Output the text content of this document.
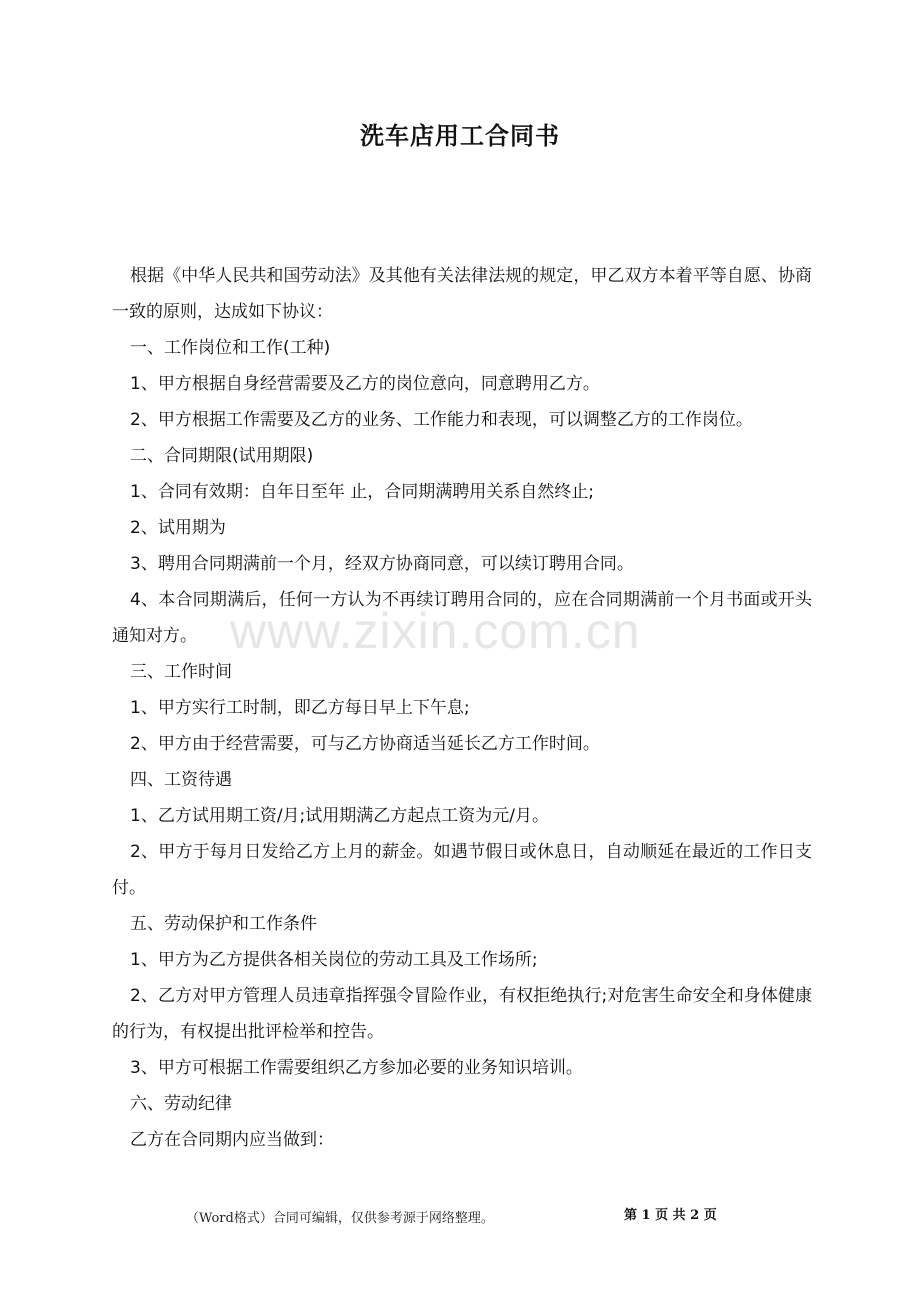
洗车店用工合同书

根据《中华人民共和国劳动法》及其他有关法律法规的规定，甲乙双方本着平等自愿、协商一致的原则，达成如下协议：

一、工作岗位和工作(工种)

1、甲方根据自身经营需要及乙方的岗位意向，同意聘用乙方。

2、甲方根据工作需要及乙方的业务、工作能力和表现，可以调整乙方的工作岗位。

二、合同期限(试用期限)

1、合同有效期：自年日至年 止，合同期满聘用关系自然终止;

2、试用期为

3、聘用合同期满前一个月，经双方协商同意，可以续订聘用合同。

4、本合同期满后，任何一方认为不再续订聘用合同的，应在合同期满前一个月书面或开头通知对方。

三、工作时间

1、甲方实行工时制，即乙方每日早上下午息;

2、甲方由于经营需要，可与乙方协商适当延长乙方工作时间。

四、工资待遇

1、乙方试用期工资/月;试用期满乙方起点工资为元/月。

2、甲方于每月日发给乙方上月的薪金。如遇节假日或休息日，自动顺延在最近的工作日支付。

五、劳动保护和工作条件

1、甲方为乙方提供各相关岗位的劳动工具及工作场所;

2、乙方对甲方管理人员违章指挥强令冒险作业，有权拒绝执行;对危害生命安全和身体健康的行为，有权提出批评检举和控告。

3、甲方可根据工作需要组织乙方参加必要的业务知识培训。

六、劳动纪律

乙方在合同期内应当做到：

www.zixin.com.cn
（Word格式）合同可编辑，仅供参考源于网络整理。	第 1 页 共 2 页
